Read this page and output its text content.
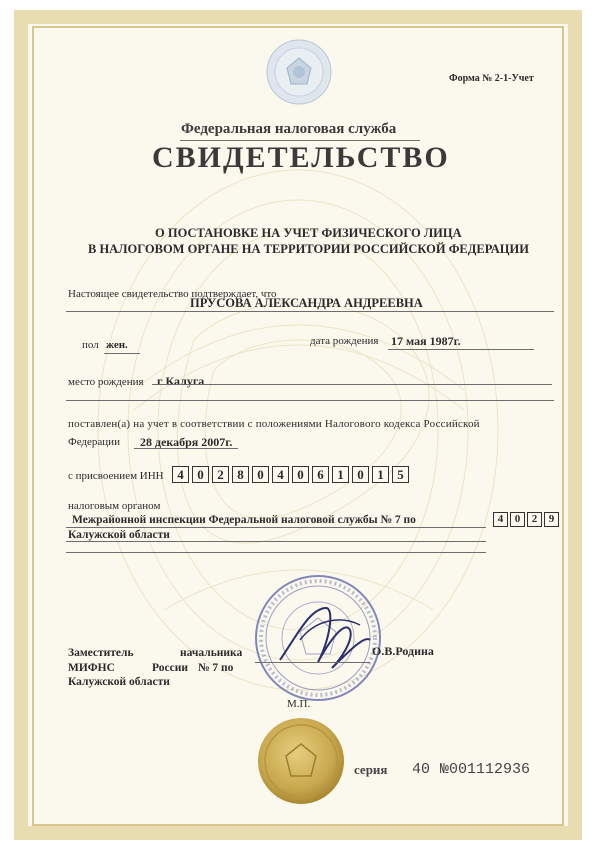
Форма № 2-1-Учет
Федеральная налоговая служба
СВИДЕТЕЛЬСТВО
О ПОСТАНОВКЕ НА УЧЕТ ФИЗИЧЕСКОГО ЛИЦА
В НАЛОГОВОМ ОРГАНЕ НА ТЕРРИТОРИИ РОССИЙСКОЙ ФЕДЕРАЦИИ
Настоящее свидетельство подтверждает, что
ПРУСОВА АЛЕКСАНДРА АНДРЕЕВНА
пол жен.	дата рождения 17 мая 1987г.
место рождения г Калуга
поставлен(а) на учет в соответствии с положениями Налогового кодекса Российской
Федерации 28 декабря 2007г.
с присвоением ИНН	4 0 2 8 0 4 0 6 1 0 1 5
налоговым органом
Межрайонной инспекции Федеральной налоговой службы № 7 по
Калужской области
4 0 2 9
Заместитель	начальника
МИФНС	России № 7 по
Калужской области
О.В.Родина
М.П.
серия 40 №001112936
